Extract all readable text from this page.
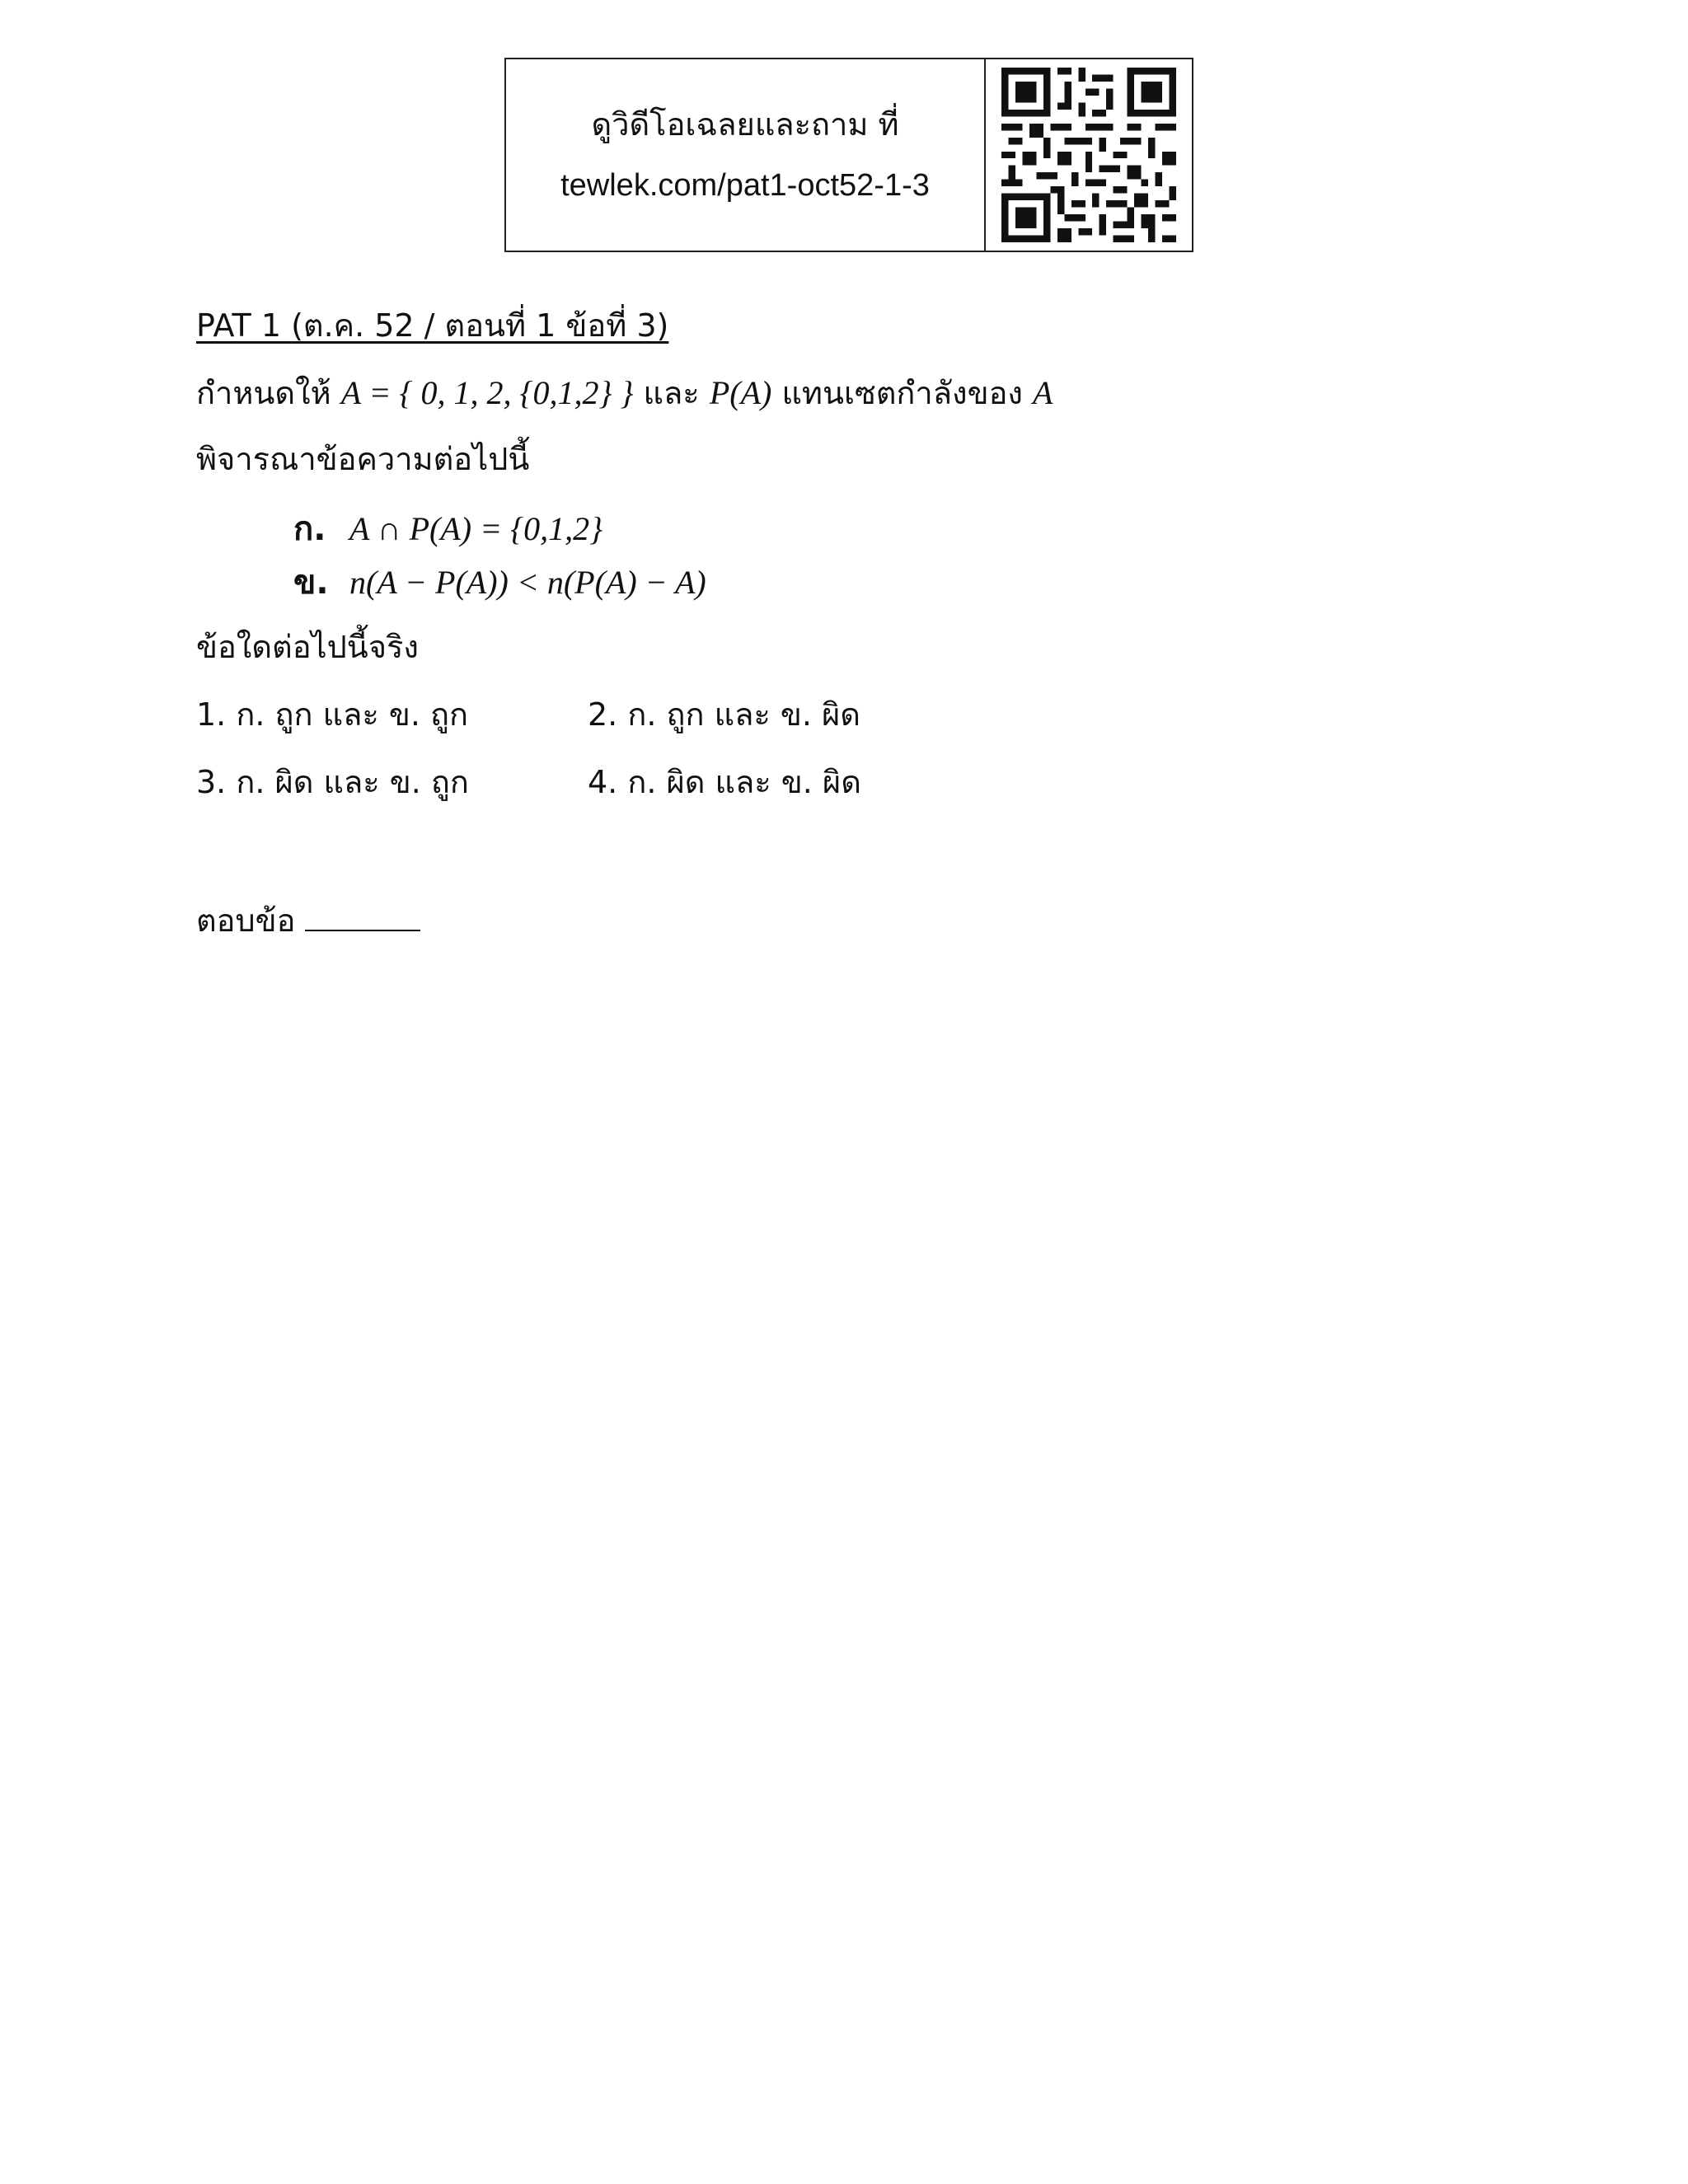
ดูวิดีโอเฉลยและถาม ที่
tewlek.com/pat1-oct52-1-3
PAT 1 (ต.ค. 52 / ตอนที่ 1 ข้อที่ 3)
กำหนดให้ A = { 0, 1, 2, {0,1,2} } และ P(A) แทนเซตกำลังของ A
พิจารณาข้อความต่อไปนี้
ก. A ∩ P(A) = {0,1,2}
ข. n(A − P(A)) < n(P(A) − A)
ข้อใดต่อไปนี้จริง
1. ก. ถูก และ ข. ถูก	2. ก. ถูก และ ข. ผิด
3. ก. ผิด และ ข. ถูก	4. ก. ผิด และ ข. ผิด
ตอบข้อ
